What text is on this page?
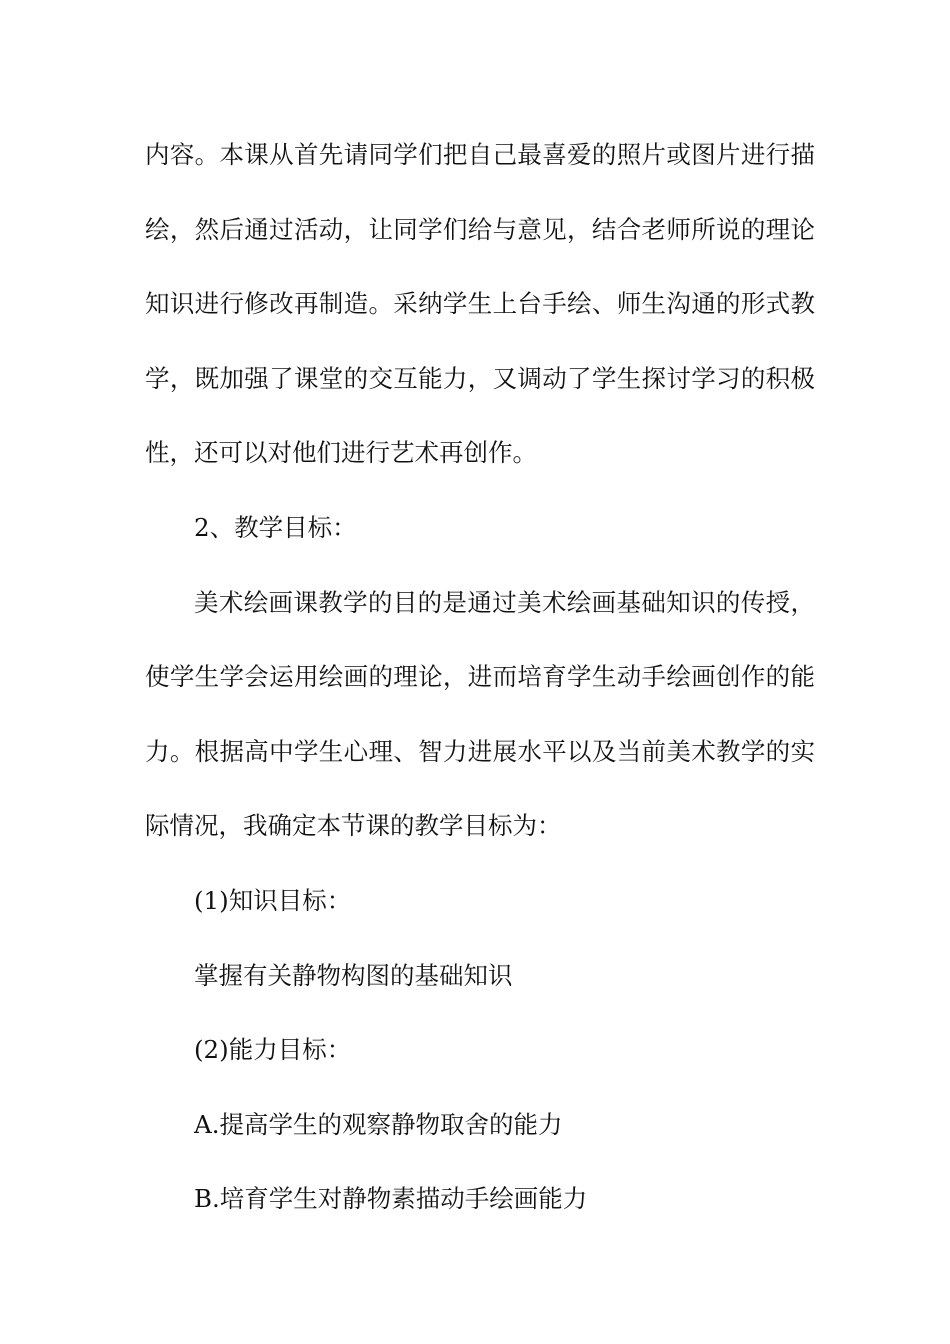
内容。本课从首先请同学们把自己最喜爱的照片或图片进行描
绘，然后通过活动，让同学们给与意见，结合老师所说的理论
知识进行修改再制造。采纳学生上台手绘、师生沟通的形式教
学，既加强了课堂的交互能力，又调动了学生探讨学习的积极
性，还可以对他们进行艺术再创作。
2、教学目标：
美术绘画课教学的目的是通过美术绘画基础知识的传授，
使学生学会运用绘画的理论，进而培育学生动手绘画创作的能
力。根据高中学生心理、智力进展水平以及当前美术教学的实
际情况，我确定本节课的教学目标为：
(1)知识目标：
掌握有关静物构图的基础知识
(2)能力目标：
A.提高学生的观察静物取舍的能力
B.培育学生对静物素描动手绘画能力
